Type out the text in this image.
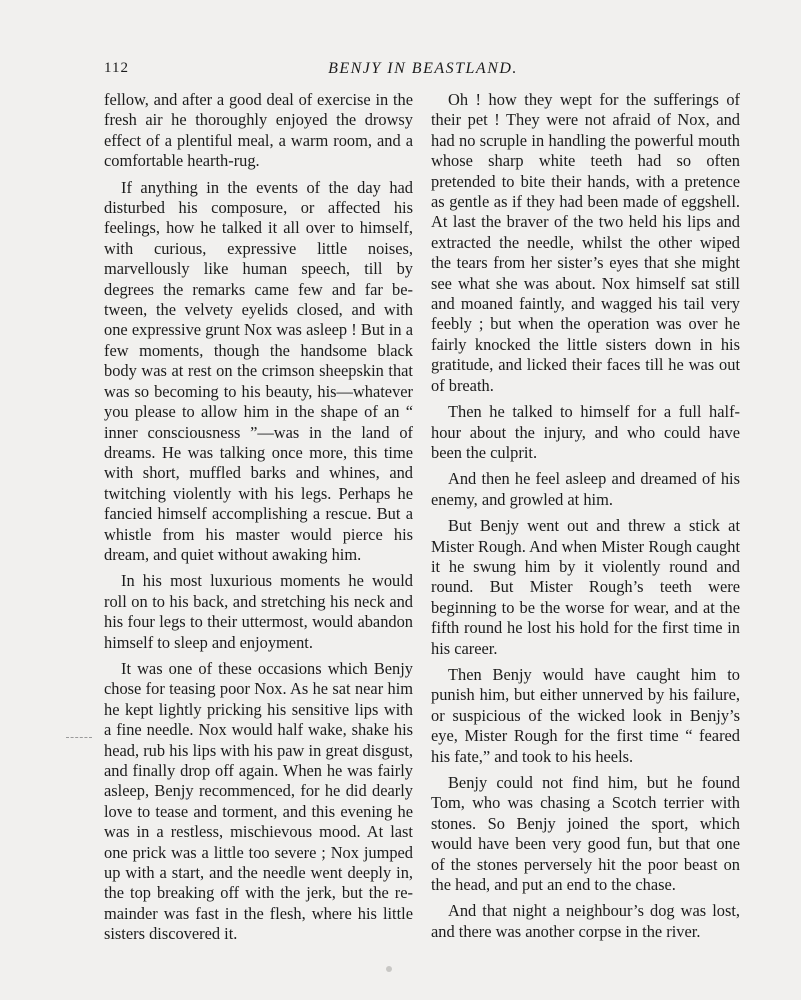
112	BENJY IN BEASTLAND.

fellow, and after a good deal of exercise in the fresh air he thoroughly enjoyed the drowsy effect of a plentiful meal, a warm room, and a comfortable hearth-rug.

If anything in the events of the day had disturbed his composure, or affected his feelings, how he talked it all over to himself, with curious, expressive little noises, marvellously like human speech, till by degrees the remarks came few and far between, the velvety eyelids closed, and with one expressive grunt Nox was asleep ! But in a few moments, though the handsome black body was at rest on the crimson sheepskin that was so becoming to his beauty, his—whatever you please to allow him in the shape of an “ inner consciousness ”—was in the land of dreams. He was talking once more, this time with short, muffled barks and whines, and twitching violently with his legs. Perhaps he fancied himself accomplishing a rescue. But a whistle from his master would pierce his dream, and quiet without awaking him.

In his most luxurious moments he would roll on to his back, and stretching his neck and his four legs to their uttermost, would abandon himself to sleep and enjoyment.

It was one of these occasions which Benjy chose for teasing poor Nox. As he sat near him he kept lightly pricking his sensitive lips with a fine needle. Nox would half wake, shake his head, rub his lips with his paw in great disgust, and finally drop off again. When he was fairly asleep, Benjy recommenced, for he did dearly love to tease and torment, and this evening he was in a restless, mischievous mood. At last one prick was a little too severe ; Nox jumped up with a start, and the needle went deeply in, the top breaking off with the jerk, but the remainder was fast in the flesh, where his little sisters discovered it.

Oh ! how they wept for the sufferings of their pet ! They were not afraid of Nox, and had no scruple in handling the powerful mouth whose sharp white teeth had so often pretended to bite their hands, with a pretence as gentle as if they had been made of eggshell. At last the braver of the two held his lips and extracted the needle, whilst the other wiped the tears from her sister’s eyes that she might see what she was about. Nox himself sat still and moaned faintly, and wagged his tail very feebly ; but when the operation was over he fairly knocked the little sisters down in his gratitude, and licked their faces till he was out of breath.

Then he talked to himself for a full half-hour about the injury, and who could have been the culprit.

And then he feel asleep and dreamed of his enemy, and growled at him.

But Benjy went out and threw a stick at Mister Rough. And when Mister Rough caught it he swung him by it violently round and round. But Mister Rough’s teeth were beginning to be the worse for wear, and at the fifth round he lost his hold for the first time in his career.

Then Benjy would have caught him to punish him, but either unnerved by his failure, or suspicious of the wicked look in Benjy’s eye, Mister Rough for the first time “ feared his fate,” and took to his heels.

Benjy could not find him, but he found Tom, who was chasing a Scotch terrier with stones. So Benjy joined the sport, which would have been very good fun, but that one of the stones perversely hit the poor beast on the head, and put an end to the chase.

And that night a neighbour’s dog was lost, and there was another corpse in the river.
